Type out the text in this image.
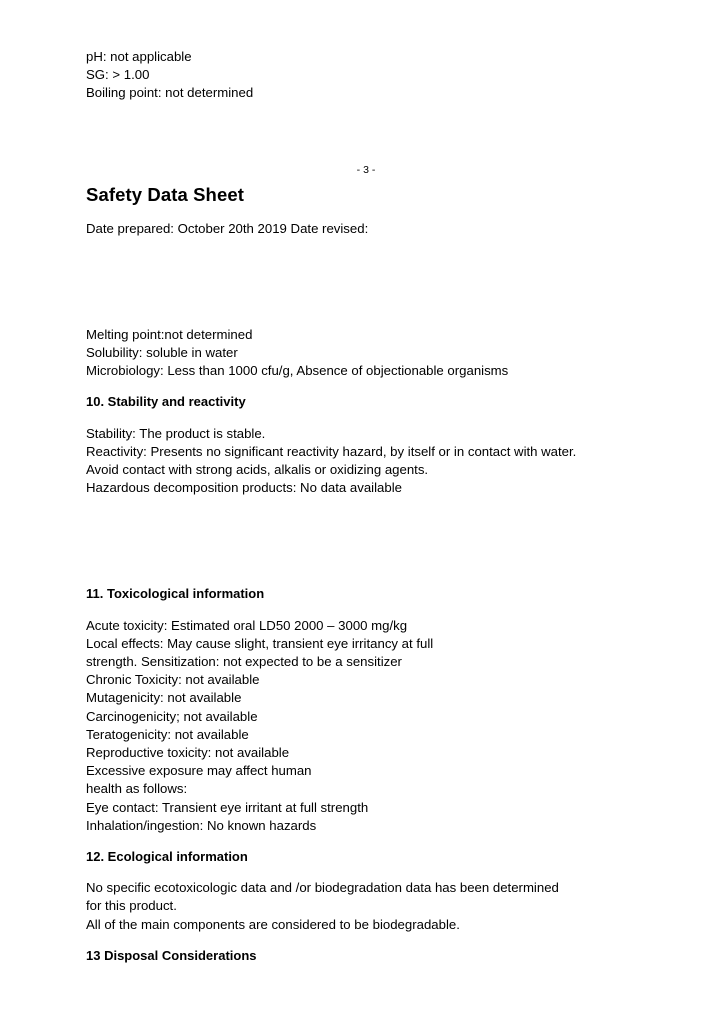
pH: not applicable
SG: > 1.00
Boiling point: not determined
- 3 -
Safety Data Sheet
Date prepared: October 20th 2019 Date revised:
Melting point:not determined
Solubility: soluble in water
Microbiology: Less than 1000 cfu/g, Absence of objectionable organisms
10. Stability and reactivity
Stability: The product is stable.
Reactivity: Presents no significant reactivity hazard, by itself or in contact with water.
Avoid contact with strong acids, alkalis or oxidizing agents.
Hazardous decomposition products: No data available
11. Toxicological information
Acute toxicity: Estimated oral LD50 2000 – 3000 mg/kg
Local effects: May cause slight, transient eye irritancy at full
strength. Sensitization: not expected to be a sensitizer
Chronic Toxicity: not available
Mutagenicity: not available
Carcinogenicity; not available
Teratogenicity: not available
Reproductive toxicity: not available
Excessive exposure may affect human
health as follows:
Eye contact: Transient eye irritant at full strength
Inhalation/ingestion: No known hazards
12. Ecological information
No specific ecotoxicologic data and /or biodegradation data has been determined
for this product.
All of the main components are considered to be biodegradable.
13 Disposal Considerations
